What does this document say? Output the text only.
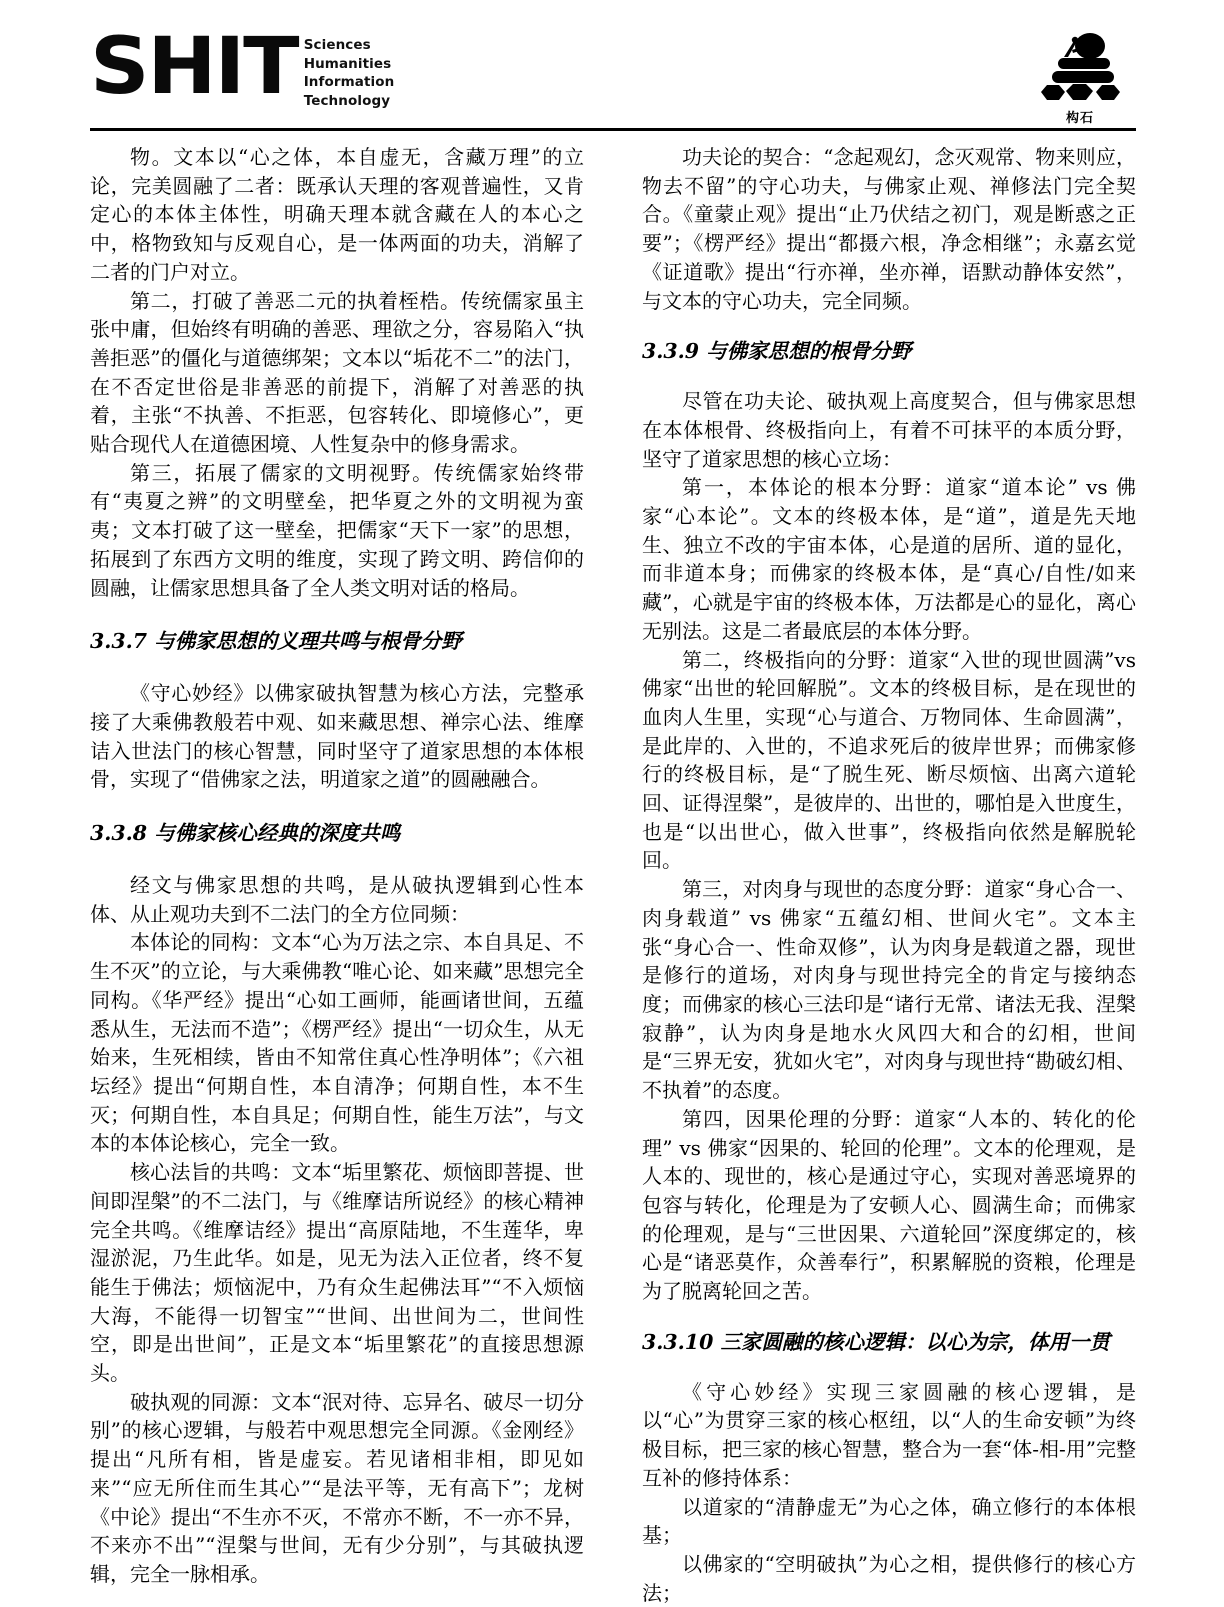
SHIT Sciences
Humanities
Information
Technology
构石

物。文本以“心之体，本自虚无，含藏万理”的立论，完美圆融了二者：既承认天理的客观普遍性，又肯定心的本体主体性，明确天理本就含藏在人的本心之中，格物致知与反观自心，是一体两面的功夫，消解了二者的门户对立。

第二，打破了善恶二元的执着桎梏。传统儒家虽主张中庸，但始终有明确的善恶、理欲之分，容易陷入“执善拒恶”的僵化与道德绑架；文本以“垢花不二”的法门，在不否定世俗是非善恶的前提下，消解了对善恶的执着，主张“不执善、不拒恶，包容转化、即境修心”，更贴合现代人在道德困境、人性复杂中的修身需求。

第三，拓展了儒家的文明视野。传统儒家始终带有“夷夏之辨”的文明壁垒，把华夏之外的文明视为蛮夷；文本打破了这一壁垒，把儒家“天下一家”的思想，拓展到了东西方文明的维度，实现了跨文明、跨信仰的圆融，让儒家思想具备了全人类文明对话的格局。

3.3.7 与佛家思想的义理共鸣与根骨分野

《守心妙经》以佛家破执智慧为核心方法，完整承接了大乘佛教般若中观、如来藏思想、禅宗心法、维摩诘入世法门的核心智慧，同时坚守了道家思想的本体根骨，实现了“借佛家之法，明道家之道”的圆融融合。

3.3.8 与佛家核心经典的深度共鸣

经文与佛家思想的共鸣，是从破执逻辑到心性本体、从止观功夫到不二法门的全方位同频：

本体论的同构：文本“心为万法之宗、本自具足、不生不灭”的立论，与大乘佛教“唯心论、如来藏”思想完全同构。《华严经》提出“心如工画师，能画诸世间，五蕴悉从生，无法而不造”；《楞严经》提出“一切众生，从无始来，生死相续，皆由不知常住真心性净明体”；《六祖坛经》提出“何期自性，本自清净；何期自性，本不生灭；何期自性，本自具足；何期自性，能生万法”，与文本的本体论核心，完全一致。

核心法旨的共鸣：文本“垢里繁花、烦恼即菩提、世间即涅槃”的不二法门，与《维摩诘所说经》的核心精神完全共鸣。《维摩诘经》提出“高原陆地，不生莲华，卑湿淤泥，乃生此华。如是，见无为法入正位者，终不复能生于佛法；烦恼泥中，乃有众生起佛法耳”“不入烦恼大海，不能得一切智宝”“世间、出世间为二，世间性空，即是出世间”，正是文本“垢里繁花”的直接思想源头。

破执观的同源：文本“泯对待、忘异名、破尽一切分别”的核心逻辑，与般若中观思想完全同源。《金刚经》提出“凡所有相，皆是虚妄。若见诸相非相，即见如来”“应无所住而生其心”“是法平等，无有高下”；龙树《中论》提出“不生亦不灭，不常亦不断，不一亦不异，不来亦不出”“涅槃与世间，无有少分别”，与其破执逻辑，完全一脉相承。

功夫论的契合：“念起观幻，念灭观常、物来则应，物去不留”的守心功夫，与佛家止观、禅修法门完全契合。《童蒙止观》提出“止乃伏结之初门，观是断惑之正要”；《楞严经》提出“都摄六根，净念相继”；永嘉玄觉《证道歌》提出“行亦禅，坐亦禅，语默动静体安然”，与文本的守心功夫，完全同频。

3.3.9 与佛家思想的根骨分野

尽管在功夫论、破执观上高度契合，但与佛家思想在本体根骨、终极指向上，有着不可抹平的本质分野，坚守了道家思想的核心立场：

第一，本体论的根本分野：道家“道本论” vs 佛家“心本论”。文本的终极本体，是“道”，道是先天地生、独立不改的宇宙本体，心是道的居所、道的显化，而非道本身；而佛家的终极本体，是“真心/自性/如来藏”，心就是宇宙的终极本体，万法都是心的显化，离心无别法。这是二者最底层的本体分野。

第二，终极指向的分野：道家“入世的现世圆满”vs佛家“出世的轮回解脱”。文本的终极目标，是在现世的血肉人生里，实现“心与道合、万物同体、生命圆满”，是此岸的、入世的，不追求死后的彼岸世界；而佛家修行的终极目标，是“了脱生死、断尽烦恼、出离六道轮回、证得涅槃”，是彼岸的、出世的，哪怕是入世度生，也是“以出世心，做入世事”，终极指向依然是解脱轮回。

第三，对肉身与现世的态度分野：道家“身心合一、肉身载道” vs 佛家“五蕴幻相、世间火宅”。文本主张“身心合一、性命双修”，认为肉身是载道之器，现世是修行的道场，对肉身与现世持完全的肯定与接纳态度；而佛家的核心三法印是“诸行无常、诸法无我、涅槃寂静”，认为肉身是地水火风四大和合的幻相，世间是“三界无安，犹如火宅”，对肉身与现世持“勘破幻相、不执着”的态度。

第四，因果伦理的分野：道家“人本的、转化的伦理” vs 佛家“因果的、轮回的伦理”。文本的伦理观，是人本的、现世的，核心是通过守心，实现对善恶境界的包容与转化，伦理是为了安顿人心、圆满生命；而佛家的伦理观，是与“三世因果、六道轮回”深度绑定的，核心是“诸恶莫作，众善奉行”，积累解脱的资粮，伦理是为了脱离轮回之苦。

3.3.10 三家圆融的核心逻辑：以心为宗，体用一贯

《守心妙经》实现三家圆融的核心逻辑，是以“心”为贯穿三家的核心枢纽，以“人的生命安顿”为终极目标，把三家的核心智慧，整合为一套“体-相-用”完整互补的修持体系：

以道家的“清静虚无”为心之体，确立修行的本体根基；

以佛家的“空明破执”为心之相，提供修行的核心方法；
